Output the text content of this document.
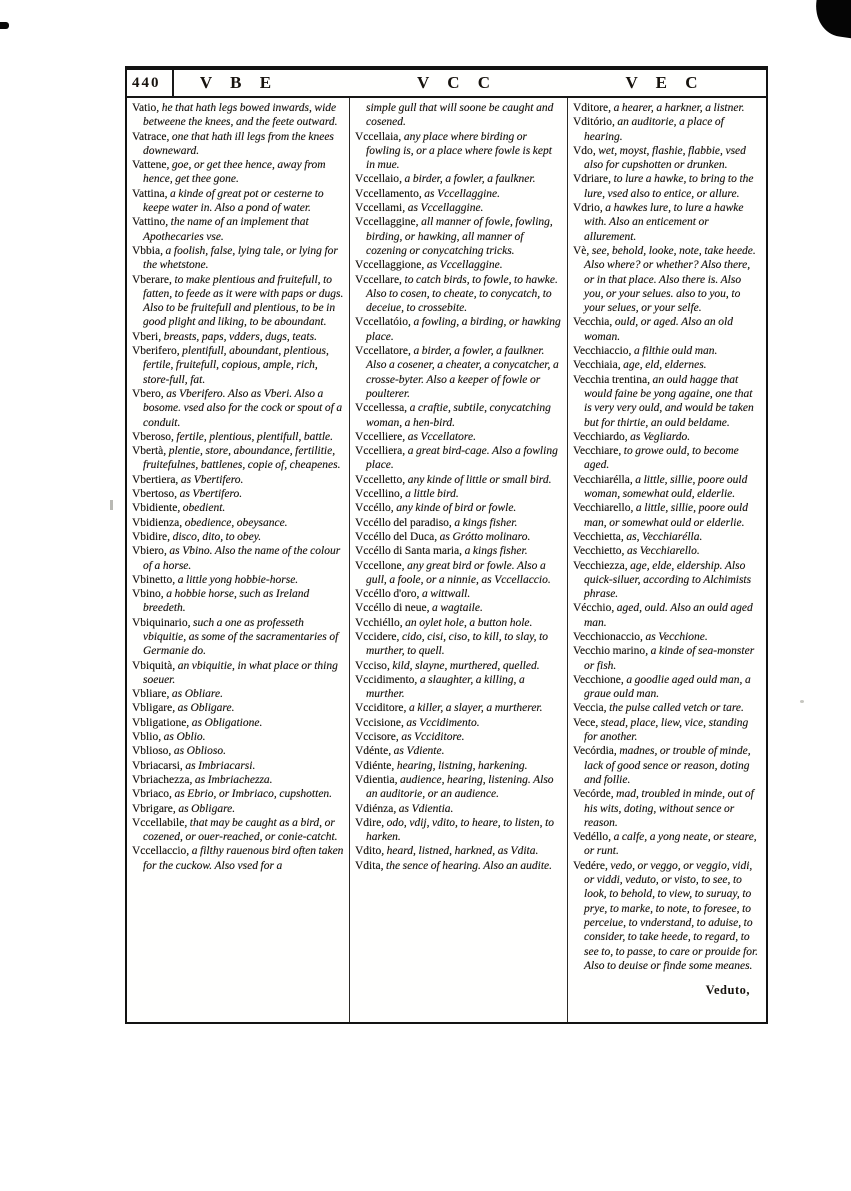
440 V B E	V C C	V E C

Vatio, he that hath legs bowed inwards, wide betweene the knees, and the feete outward.

Vatrace, one that hath ill legs from the knees downeward.

Vattene, goe, or get thee hence, away from hence, get thee gone.

Vattina, a kinde of great pot or cesterne to keepe water in. Also a pond of water.

Vattino, the name of an implement that Apothecaries vse.

Vbbia, a foolish, false, lying tale, or lying for the whetstone.

Vberare, to make plentious and fruitefull, to fatten, to feede as it were with paps or dugs. Also to be fruitefull and plentious, to be in good plight and liking, to be aboundant.

Vberi, breasts, paps, vdders, dugs, teats.

Vberifero, plentifull, aboundant, plentious, fertile, fruitefull, copious, ample, rich, store-full, fat.

Vbero, as Vberifero. Also as Vberi. Also a bosome. vsed also for the cock or spout of a conduit.

Vberoso, fertile, plentious, plentifull, battle.

Vbertà, plentie, store, aboundance, fertilitie, fruitefulnes, battlenes, copie of, cheapenes.

Vbertiera, as Vbertifero.

Vbertoso, as Vbertifero.

Vbidiente, obedient.

Vbidienza, obedience, obeysance.

Vbidire, disco, dito, to obey.

Vbiero, as Vbino. Also the name of the colour of a horse.

Vbinetto, a little yong hobbie-horse.

Vbino, a hobbie horse, such as Ireland breedeth.

Vbiquinario, such a one as professeth vbiquitie, as some of the sacramentaries of Germanie do.

Vbiquità, an vbiquitie, in what place or thing soeuer.

Vbliare, as Obliare.

Vbligare, as Obligare.

Vbligatione, as Obligatione.

Vblio, as Oblio.

Vblioso, as Oblioso.

Vbriacarsi, as Imbriacarsi.

Vbriachezza, as Imbriachezza.

Vbriaco, as Ebrio, or Imbriaco, cupshotten.

Vbrigare, as Obligare.

Vccellabile, that may be caught as a bird, or cozened, or ouer-reached, or conie-catcht.

Vccellaccio, a filthy rauenous bird often taken for the cuckow. Also vsed for a

simple gull that will soone be caught and cosened.

Vccellaia, any place where birding or fowling is, or a place where fowle is kept in mue.

Vccellaio, a birder, a fowler, a faulkner.

Vccellamento, as Vccellaggine.

Vccellami, as Vccellaggine.

Vccellaggine, all manner of fowle, fowling, birding, or hawking, all manner of cozening or conycatching tricks.

Vccellaggione, as Vccellaggine.

Vccellare, to catch birds, to fowle, to hawke. Also to cosen, to cheate, to conycatch, to deceiue, to crossebite.

Vccellatóio, a fowling, a birding, or hawking place.

Vccellatore, a birder, a fowler, a faulkner. Also a cosener, a cheater, a conycatcher, a crosse-byter. Also a keeper of fowle or poulterer.

Vccellessa, a craftie, subtile, conycatching woman, a hen-bird.

Vccelliere, as Vccellatore.

Vccelliera, a great bird-cage. Also a fowling place.

Vccelletto, any kinde of little or small bird.

Vccellino, a little bird.

Vccéllo, any kinde of bird or fowle.

Vccéllo del paradiso, a kings fisher.

Vccéllo del Duca, as Grótto molinaro.

Vccéllo di Santa maria, a kings fisher.

Vccellone, any great bird or fowle. Also a gull, a foole, or a ninnie, as Vccellaccio.

Vccéllo d'oro, a wittwall.

Vccéllo di neue, a wagtaile.

Vcchiéllo, an oylet hole, a button hole.

Vccidere, cido, cisi, ciso, to kill, to slay, to murther, to quell.

Vcciso, kild, slayne, murthered, quelled.

Vccidimento, a slaughter, a killing, a murther.

Vcciditore, a killer, a slayer, a murtherer.

Vccisione, as Vccidimento.

Vccisore, as Vcciditore.

Vdénte, as Vdiente.

Vdiénte, hearing, listning, harkening.

Vdientia, audience, hearing, listening. Also an auditorie, or an audience.

Vdiénza, as Vdientia.

Vdire, odo, vdij, vdito, to heare, to listen, to harken.

Vdito, heard, listned, harkned, as Vdita.

Vdita, the sence of hearing. Also an audite.

Vditore, a hearer, a harkner, a listner.

Vditório, an auditorie, a place of hearing.

Vdo, wet, moyst, flashie, flabbie, vsed also for cupshotten or drunken.

Vdriare, to lure a hawke, to bring to the lure, vsed also to entice, or allure.

Vdrio, a hawkes lure, to lure a hawke with. Also an enticement or allurement.

Vè, see, behold, looke, note, take heede. Also where? or whether? Also there, or in that place. Also there is. Also you, or your selues. also to you, to your selues, or your selfe.

Vecchia, ould, or aged. Also an old woman.

Vecchiaccio, a filthie ould man.

Vecchiaia, age, eld, eldernes.

Vecchia trentina, an ould hagge that would faine be yong againe, one that is very very ould, and would be taken but for thirtie, an ould beldame.

Vecchiardo, as Vegliardo.

Vecchiare, to growe ould, to become aged.

Vecchiarélla, a little, sillie, poore ould woman, somewhat ould, elderlie.

Vecchiarello, a little, sillie, poore ould man, or somewhat ould or elderlie.

Vecchietta, as, Vecchiarélla.

Vecchietto, as Vecchiarello.

Vecchiezza, age, elde, eldership. Also quick-siluer, according to Alchimists phrase.

Vécchio, aged, ould. Also an ould aged man.

Vecchionaccio, as Vecchione.

Vecchio marino, a kinde of sea-monster or fish.

Vecchione, a goodlie aged ould man, a graue ould man.

Veccia, the pulse called vetch or tare.

Vece, stead, place, liew, vice, standing for another.

Vecórdia, madnes, or trouble of minde, lack of good sence or reason, doting and follie.

Vecórde, mad, troubled in minde, out of his wits, doting, without sence or reason.

Vedéllo, a calfe, a yong neate, or steare, or runt.

Vedére, vedo, or veggo, or veggio, vidi, or viddi, veduto, or visto, to see, to look, to behold, to view, to suruay, to prye, to marke, to note, to foresee, to perceiue, to vnderstand, to aduise, to consider, to take heede, to regard, to see to, to passe, to care or prouide for. Also to deuise or finde some meanes.

Veduto,
